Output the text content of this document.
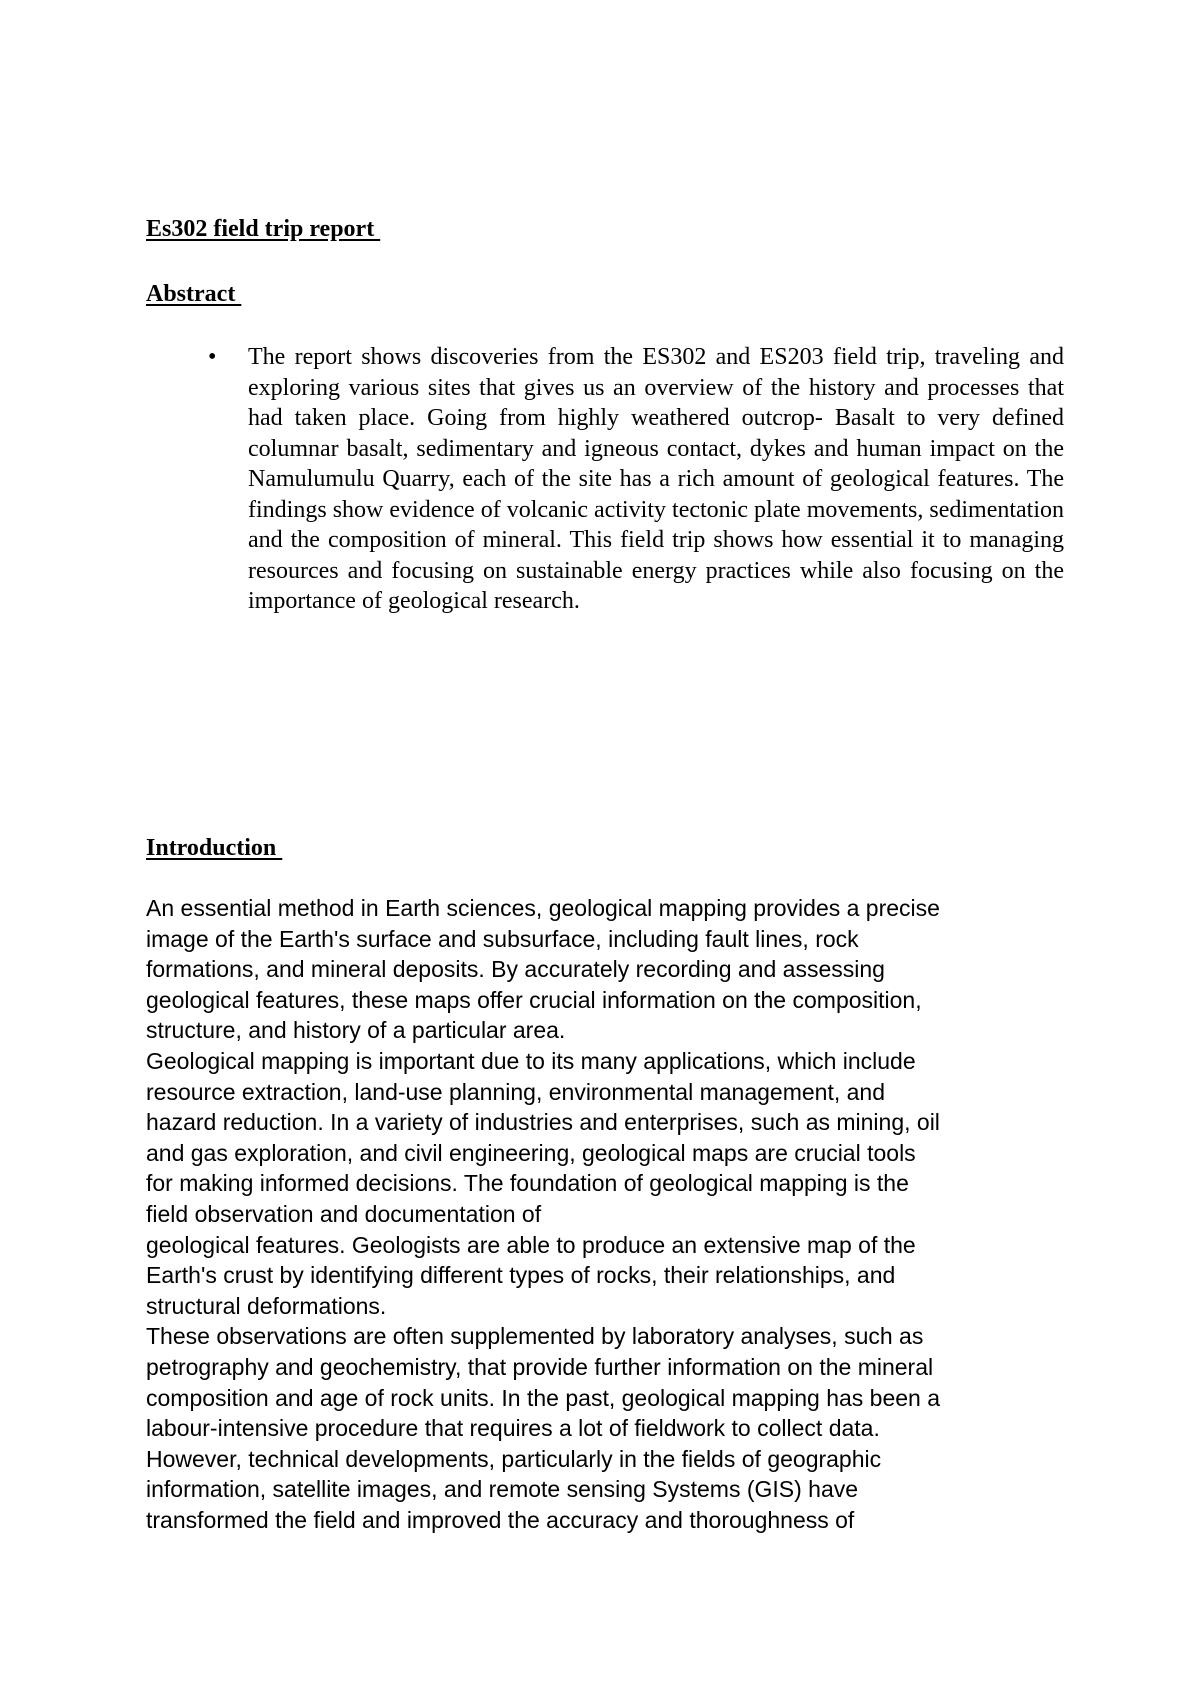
Es302 field trip report
Abstract
• The report shows discoveries from the ES302 and ES203 field trip, traveling and exploring various sites that gives us an overview of the history and processes that had taken place. Going from highly weathered outcrop- Basalt to very defined columnar basalt, sedimentary and igneous contact, dykes and human impact on the Namulumulu Quarry, each of the site has a rich amount of geological features. The findings show evidence of volcanic activity tectonic plate movements, sedimentation and the composition of mineral. This field trip shows how essential it to managing resources and focusing on sustainable energy practices while also focusing on the importance of geological research.

Introduction
An essential method in Earth sciences, geological mapping provides a precise
image of the Earth's surface and subsurface, including fault lines, rock
formations, and mineral deposits. By accurately recording and assessing
geological features, these maps offer crucial information on the composition,
structure, and history of a particular area.
Geological mapping is important due to its many applications, which include
resource extraction, land-use planning, environmental management, and
hazard reduction. In a variety of industries and enterprises, such as mining, oil
and gas exploration, and civil engineering, geological maps are crucial tools
for making informed decisions. The foundation of geological mapping is the
field observation and documentation of
geological features. Geologists are able to produce an extensive map of the
Earth's crust by identifying different types of rocks, their relationships, and
structural deformations.
These observations are often supplemented by laboratory analyses, such as
petrography and geochemistry, that provide further information on the mineral
composition and age of rock units. In the past, geological mapping has been a
labour-intensive procedure that requires a lot of fieldwork to collect data.
However, technical developments, particularly in the fields of geographic
information, satellite images, and remote sensing Systems (GIS) have
transformed the field and improved the accuracy and thoroughness of
